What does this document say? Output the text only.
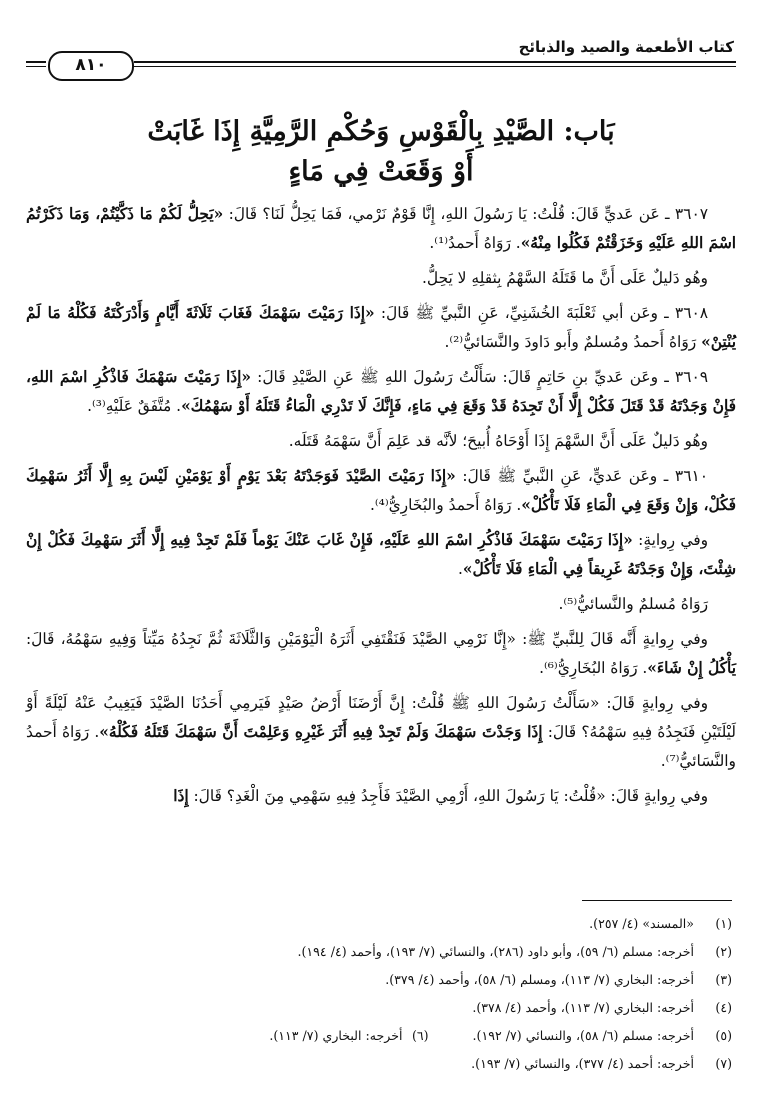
كتاب الأطعمة والصيد والذبائح
٨١٠
بَاب: الصَّيْدِ بِالْقَوْسِ وَحُكْمِ الرَّمِيَّةِ إِذَا غَابَتْ
أَوْ وَقَعَتْ فِي مَاءٍ

٣٦٠٧ ـ عَن عَديٍّ قَالَ: قُلْتُ: يَا رَسُولَ اللهِ، إِنَّا قَوْمٌ نَرْمي، فَمَا يَحِلُّ لَنَا؟ قَالَ: «يَحِلُّ لَكُمْ مَا ذَكَّيْتُمْ، وَمَا ذَكَرْتُمُ اسْمَ اللهِ عَلَيْهِ وَخَزَقْتُمْ فَكُلُوا مِنْهُ». رَوَاهُ أَحمدُ⁽¹⁾.

وهُو دَليلٌ عَلَى أَنَّ ما قَتَلَهُ السَّهْمُ بِثقلِهِ لا يَحِلُّ.

٣٦٠٨ ـ وعَن أبي ثَعْلَبَةَ الخُشَنِيِّ، عَنِ النَّبيِّ ﷺ قَالَ: «إِذَا رَمَيْتَ سَهْمَكَ فَغَابَ ثَلَاثَةَ أَيَّامٍ وَأَدْرَكْتَهُ فَكُلْهُ مَا لَمْ يُنْتِنْ» رَوَاهُ أَحمدُ ومُسلمٌ وأَبو دَاودَ والنَّسَائيُّ⁽²⁾.

٣٦٠٩ ـ وعَن عَديِّ بنِ حَاتِمٍ قَالَ: سَأَلْتُ رَسُولَ اللهِ ﷺ عَنِ الصَّيْدِ قَالَ: «إِذَا رَمَيْتَ سَهْمَكَ فَاذْكُرِ اسْمَ اللهِ، فَإِنْ وَجَدْتَهُ قَدْ قَتَلَ فَكُلْ إِلَّا أَنْ تَجِدَهُ قَدْ وَقَعَ فِي مَاءٍ، فَإِنَّكَ لَا تَدْرِي الْمَاءُ قَتَلَهُ أَوْ سَهْمُكَ». مُتَّفَقٌ عَلَيْهِ⁽³⁾.

وهُو دَليلٌ عَلَى أَنَّ السَّهْمَ إِذَا أَوْحَاهُ أُبيحَ؛ لأنَّه قد عَلِمَ أَنَّ سَهْمَهُ قَتَلَه.

٣٦١٠ ـ وعَن عَديٍّ، عَنِ النَّبيِّ ﷺ قَالَ: «إِذَا رَمَيْتَ الصَّيْدَ فَوَجَدْتَهُ بَعْدَ يَوْمٍ أَوْ يَوْمَيْنِ لَيْسَ بِهِ إِلَّا أَثَرُ سَهْمِكَ فَكُلْ، وَإِنْ وَقَعَ فِي الْمَاءِ فَلَا تَأْكُلْ». رَوَاهُ أَحمدُ والبُخَارِيُّ⁽⁴⁾.

وفي رِوايةٍ: «إِذَا رَمَيْتَ سَهْمَكَ فَاذْكُرِ اسْمَ اللهِ عَلَيْهِ، فَإِنْ غَابَ عَنْكَ يَوْماً فَلَمْ تَجِدْ فِيهِ إِلَّا أَثَرَ سَهْمِكَ فَكُلْ إِنْ شِئْتَ، وَإِنْ وَجَدْتَهُ غَرِيقاً فِي الْمَاءِ فَلَا تَأْكُلْ».

رَوَاهُ مُسلمٌ والنَّسائيُّ⁽⁵⁾.

وفي رِوايةٍ أَنَّه قَالَ لِلنَّبيِّ ﷺ: «إِنَّا نَرْمِي الصَّيْدَ فَنَقْتَفِي أَثَرَهُ الْيَوْمَيْنِ وَالثَّلَاثَةَ ثُمَّ نَجِدُهُ مَيِّتاً وَفِيهِ سَهْمُهُ، قَالَ: يَأْكُلُ إِنْ شَاءَ». رَوَاهُ البُخَارِيُّ⁽⁶⁾.

وفي رِوايةٍ قَالَ: «سَأَلْتُ رَسُولَ اللهِ ﷺ قُلْتُ: إِنَّ أَرْضَنَا أَرْضُ صَيْدٍ فَيَرمِي أَحَدُنَا الصَّيْدَ فَيَغِيبُ عَنْهُ لَيْلَةً أَوْ لَيْلَتَيْنِ فَنَجِدُهُ فِيهِ سَهْمُهُ؟ قَالَ: إِذَا وَجَدْتَ سَهْمَكَ وَلَمْ تَجِدْ فِيهِ أَثَرَ غَيْرِهِ وَعَلِمْتَ أَنَّ سَهْمَكَ قَتَلَهُ فَكُلْهُ». رَوَاهُ أَحمدُ والنَّسَائيُّ⁽⁷⁾.

وفي رِوايةٍ قَالَ: «قُلْتُ: يَا رَسُولَ اللهِ، أَرْمِي الصَّيْدَ فَأَجِدُ فِيهِ سَهْمِي مِنَ الْغَدِ؟ قَالَ: إِذَا

(١)«المسند» (٤/ ٢٥٧).
(٢)أخرجه: مسلم (٦/ ٥٩)، وأبو داود (٢٨٦)، والنسائي (٧/ ١٩٣)، وأحمد (٤/ ١٩٤).
(٣)أخرجه: البخاري (٧/ ١١٣)، ومسلم (٦/ ٥٨)، وأحمد (٤/ ٣٧٩).
(٤)أخرجه: البخاري (٧/ ١١٣)، وأحمد (٤/ ٣٧٨).
(٥)أخرجه: مسلم (٦/ ٥٨)، والنسائي (٧/ ١٩٢).(٦)أخرجه: البخاري (٧/ ١١٣).
(٧)أخرجه: أحمد (٤/ ٣٧٧)، والنسائي (٧/ ١٩٣).
